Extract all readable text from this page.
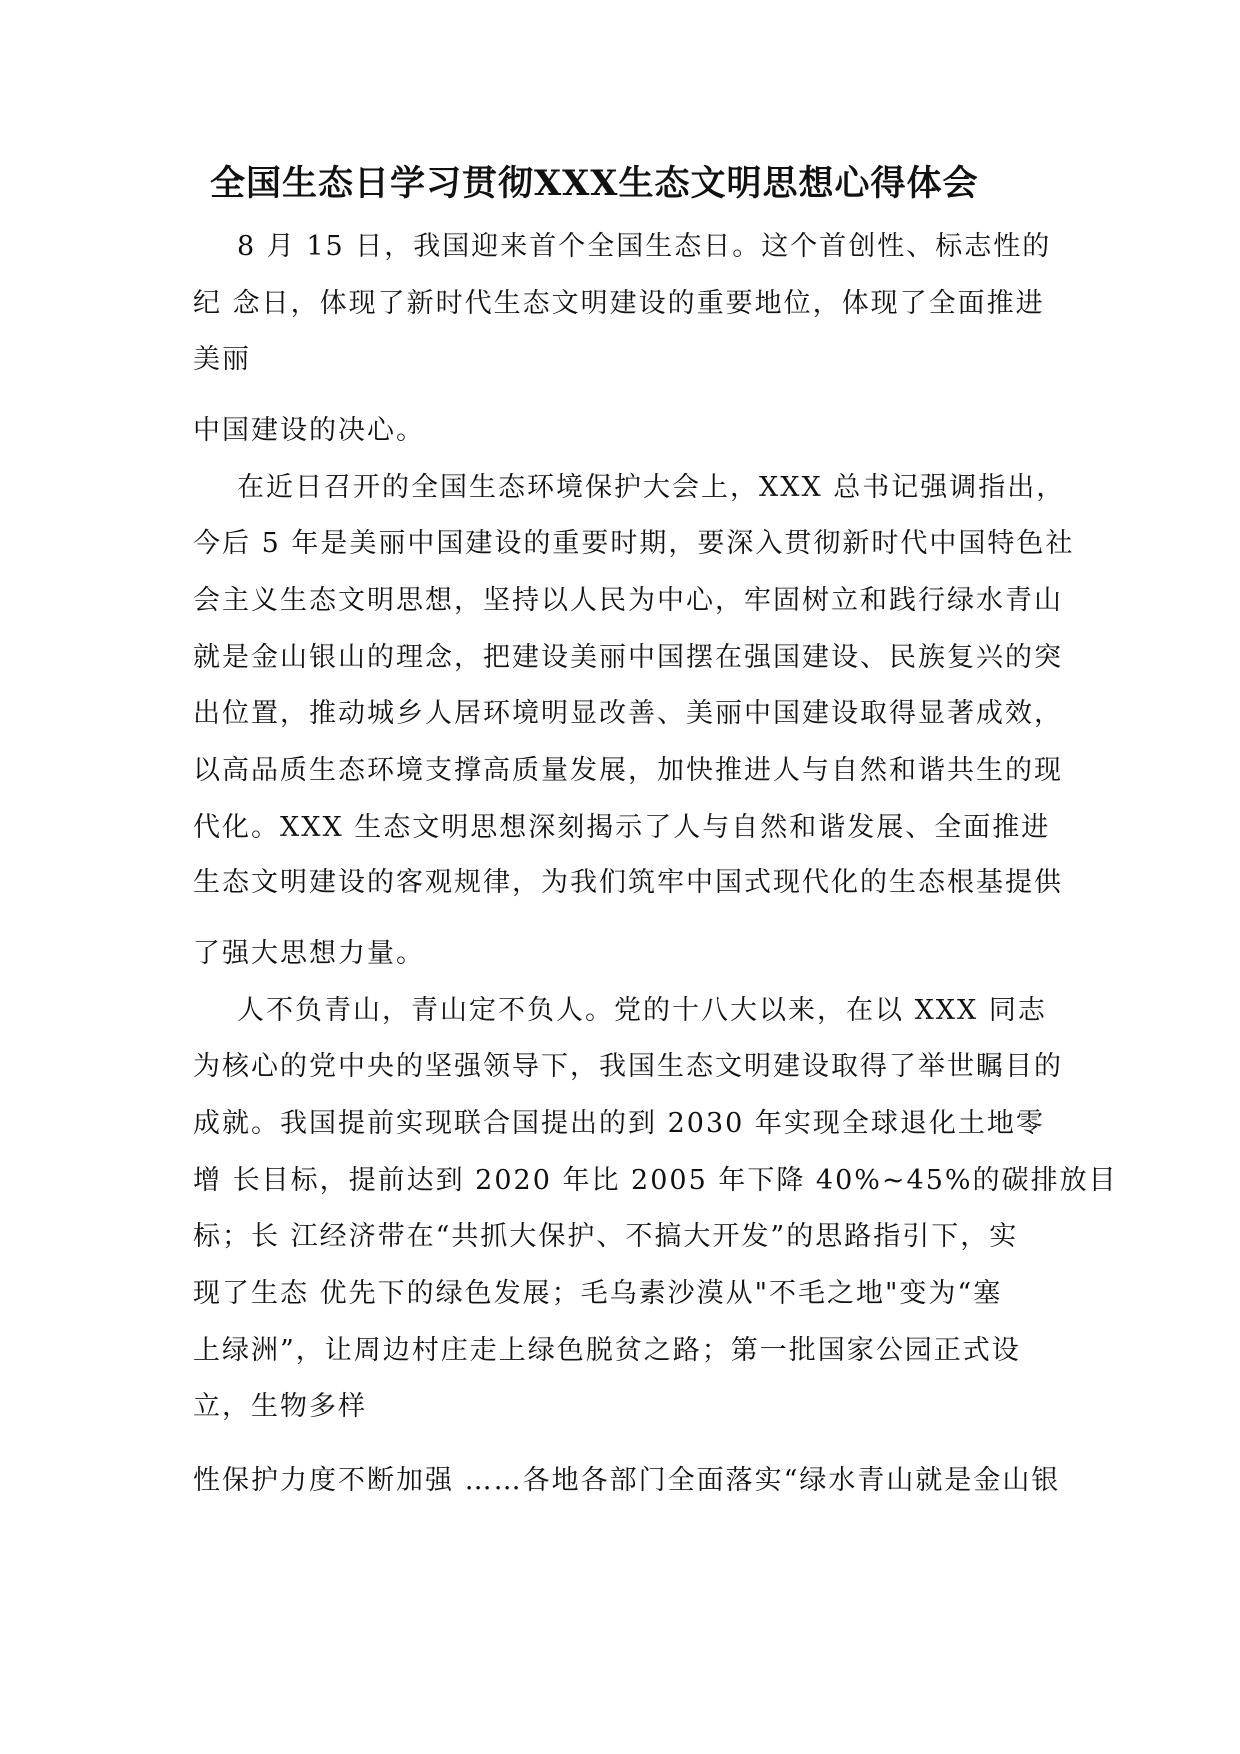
全国生态日学习贯彻XXX生态文明思想心得体会
8 月 15 日，我国迎来首个全国生态日。这个首创性、标志性的
纪 念日，体现了新时代生态文明建设的重要地位，体现了全面推进
美丽
中国建设的决心。
在近日召开的全国生态环境保护大会上，XXX 总书记强调指出，
今后 5 年是美丽中国建设的重要时期，要深入贯彻新时代中国特色社
会主义生态文明思想，坚持以人民为中心，牢固树立和践行绿水青山
就是金山银山的理念，把建设美丽中国摆在强国建设、民族复兴的突
出位置，推动城乡人居环境明显改善、美丽中国建设取得显著成效，
以高品质生态环境支撑高质量发展，加快推进人与自然和谐共生的现
代化。XXX 生态文明思想深刻揭示了人与自然和谐发展、全面推进
生态文明建设的客观规律，为我们筑牢中国式现代化的生态根基提供
了强大思想力量。
人不负青山，青山定不负人。党的十八大以来，在以 XXX 同志
为核心的党中央的坚强领导下，我国生态文明建设取得了举世瞩目的
成就。我国提前实现联合国提出的到 2030 年实现全球退化土地零
增 长目标，提前达到 2020 年比 2005 年下降 40%~45%的碳排放目
标；长 江经济带在“共抓大保护、不搞大开发”的思路指引下，实
现了生态 优先下的绿色发展；毛乌素沙漠从"不毛之地"变为“塞
上绿洲”，让周边村庄走上绿色脱贫之路；第一批国家公园正式设
立，生物多样
性保护力度不断加强 ……各地各部门全面落实“绿水青山就是金山银
